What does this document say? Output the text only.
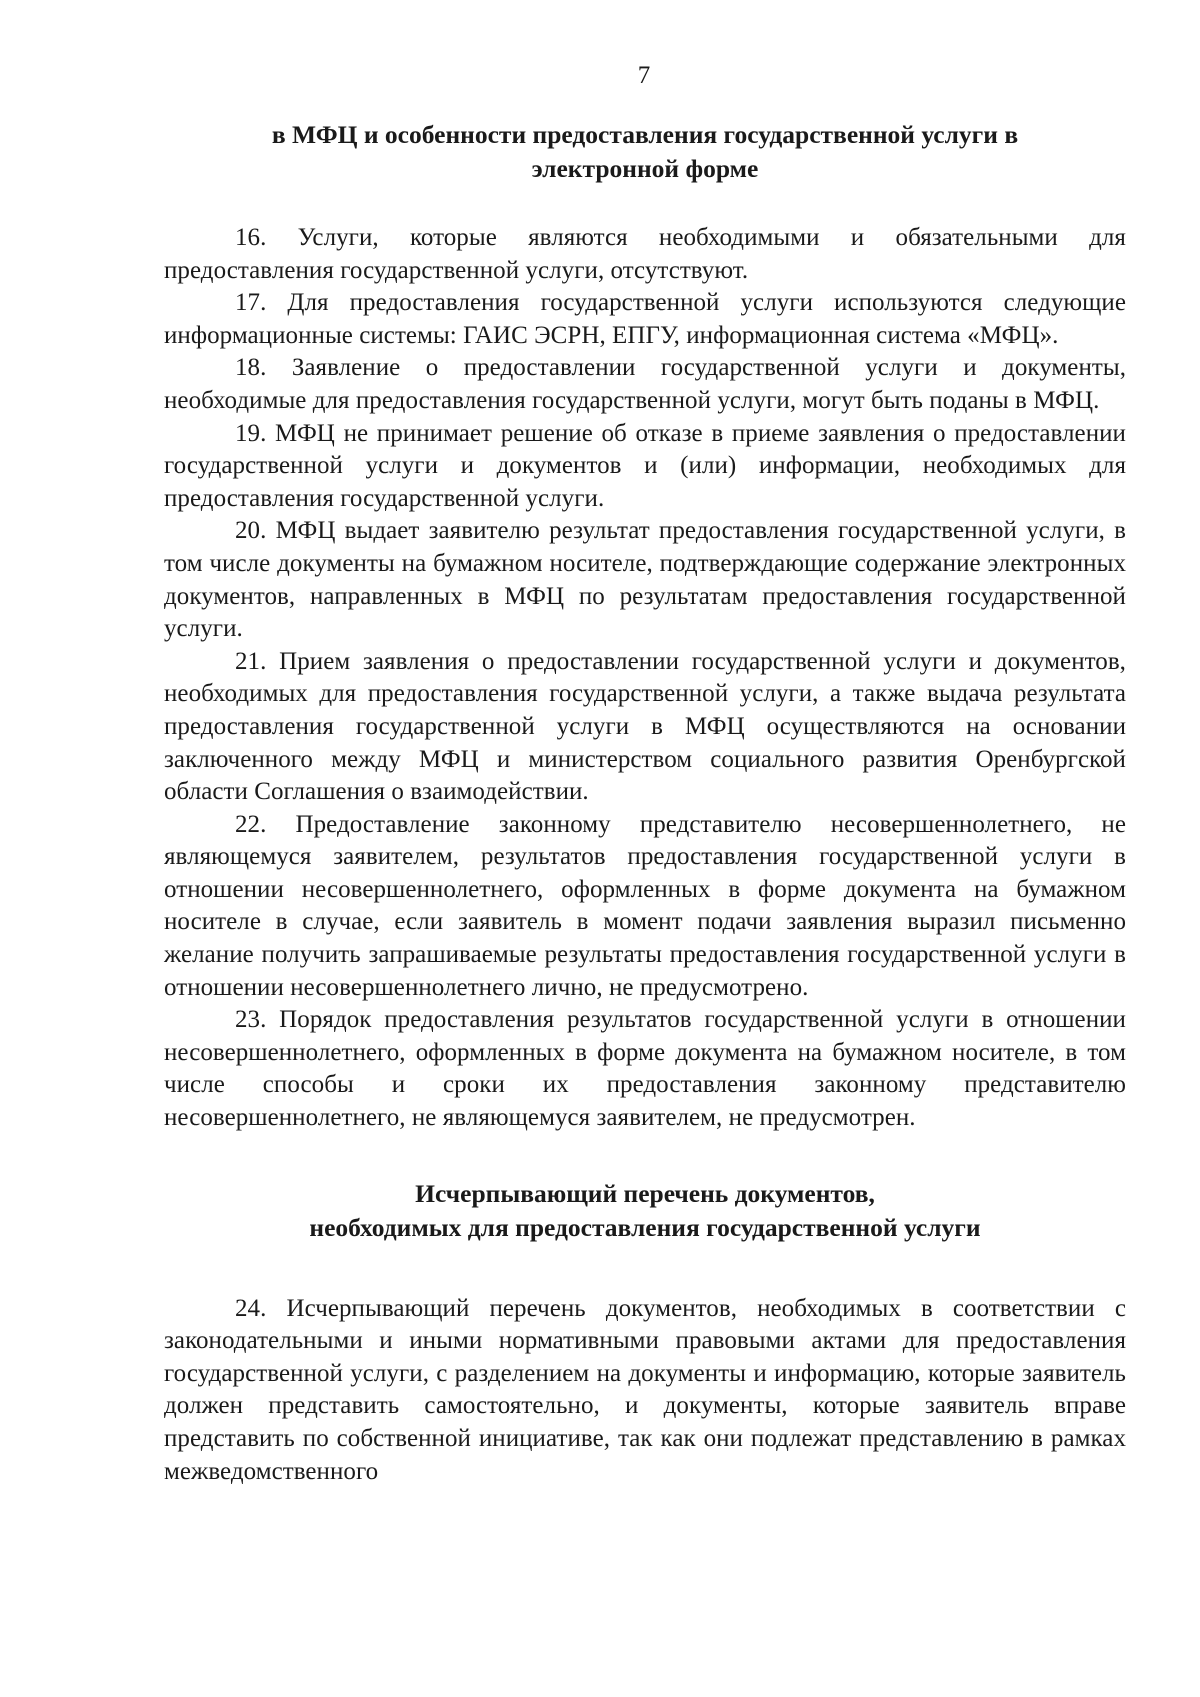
7
в МФЦ и особенности предоставления государственной услуги в
электронной форме

16. Услуги, которые являются необходимыми и обязательными для предоставления государственной услуги, отсутствуют.

17. Для предоставления государственной услуги используются следующие информационные системы: ГАИС ЭСРН, ЕПГУ, информационная система «МФЦ».

18. Заявление о предоставлении государственной услуги и документы, необходимые для предоставления государственной услуги, могут быть поданы в МФЦ.

19. МФЦ не принимает решение об отказе в приеме заявления о предоставлении государственной услуги и документов и (или) информации, необходимых для предоставления государственной услуги.

20. МФЦ выдает заявителю результат предоставления государственной услуги, в том числе документы на бумажном носителе, подтверждающие содержание электронных документов, направленных в МФЦ по результатам предоставления государственной услуги.

21. Прием заявления о предоставлении государственной услуги и документов, необходимых для предоставления государственной услуги, а также выдача результата предоставления государственной услуги в МФЦ осуществляются на основании заключенного между МФЦ и министерством социального развития Оренбургской области Соглашения о взаимодействии.

22. Предоставление законному представителю несовершеннолетнего, не являющемуся заявителем, результатов предоставления государственной услуги в отношении несовершеннолетнего, оформленных в форме документа на бумажном носителе в случае, если заявитель в момент подачи заявления выразил письменно желание получить запрашиваемые результаты предоставления государственной услуги в отношении несовершеннолетнего лично, не предусмотрено.

23. Порядок предоставления результатов государственной услуги в отношении несовершеннолетнего, оформленных в форме документа на бумажном носителе, в том числе способы и сроки их предоставления законному представителю несовершеннолетнего, не являющемуся заявителем, не предусмотрен.

Исчерпывающий перечень документов,
необходимых для предоставления государственной услуги

24. Исчерпывающий перечень документов, необходимых в соответствии с законодательными и иными нормативными правовыми актами для предоставления государственной услуги, с разделением на документы и информацию, которые заявитель должен представить самостоятельно, и документы, которые заявитель вправе представить по собственной инициативе, так как они подлежат представлению в рамках межведомственного
